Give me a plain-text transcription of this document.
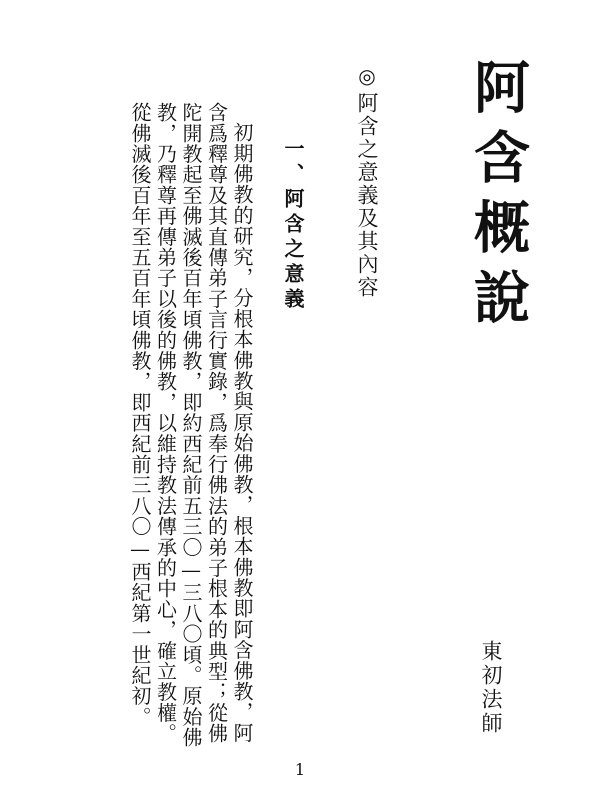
阿含概說
◎阿含之意義及其內容
一、阿含之意義

初期佛教的研究，分根本佛教與原始佛教，根本佛教即阿含佛教，阿含爲釋尊及其直傳弟子言行實錄，爲奉行佛法的弟子根本的典型；從佛陀開教起至佛滅後百年頃佛教，即約西紀前五三〇—三八〇頃。原始佛教，乃釋尊再傳弟子以後的佛教，以維持教法傳承的中心，確立教權。從佛滅後百年至五百年頃佛教，即西紀前三八〇—西紀第一世紀初。	東初法師
1
